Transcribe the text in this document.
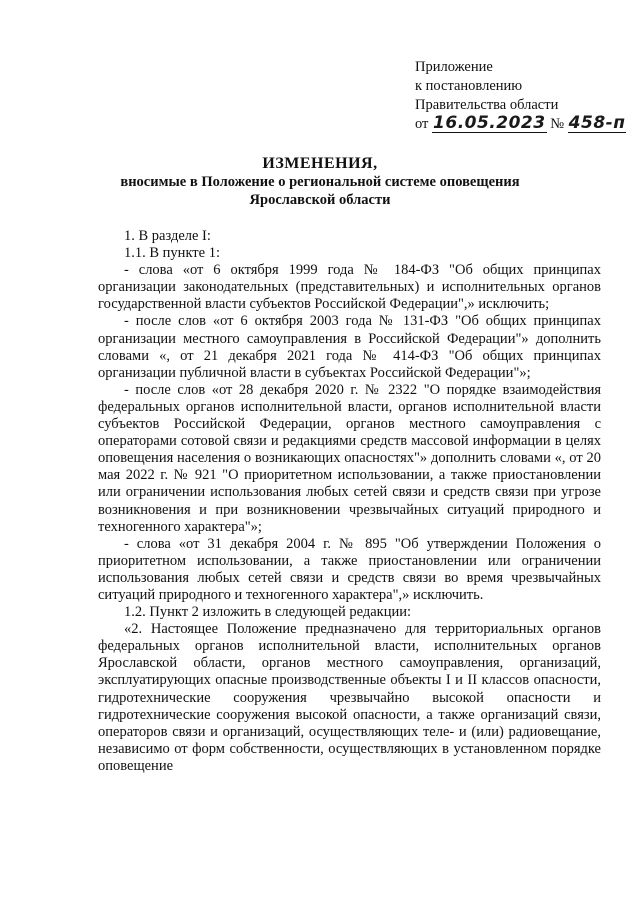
Приложение
к постановлению
Правительства области
от 16.05.2023 № 458-п
ИЗМЕНЕНИЯ,
вносимые в Положение о региональной системе оповещения
Ярославской области

1. В разделе I:

1.1. В пункте 1:

- слова «от 6 октября 1999 года № 184-ФЗ "Об общих принципах организации законодательных (представительных) и исполнительных органов государственной власти субъектов Российской Федерации",» исключить;

- после слов «от 6 октября 2003 года № 131-ФЗ "Об общих принципах организации местного самоуправления в Российской Федерации"» дополнить словами «, от 21 декабря 2021 года № 414-ФЗ "Об общих принципах организации публичной власти в субъектах Российской Федерации"»;

- после слов «от 28 декабря 2020 г. № 2322 "О порядке взаимодействия федеральных органов исполнительной власти, органов исполнительной власти субъектов Российской Федерации, органов местного самоуправления с операторами сотовой связи и редакциями средств массовой информации в целях оповещения населения о возникающих опасностях"» дополнить словами «, от 20 мая 2022 г. № 921 "О приоритетном использовании, а также приостановлении или ограничении использования любых сетей связи и средств связи при угрозе возникновения и при возникновении чрезвычайных ситуаций природного и техногенного характера"»;

- слова «от 31 декабря 2004 г. № 895 "Об утверждении Положения о приоритетном использовании, а также приостановлении или ограничении использования любых сетей связи и средств связи во время чрезвычайных ситуаций природного и техногенного характера",» исключить.

1.2. Пункт 2 изложить в следующей редакции:

«2. Настоящее Положение предназначено для территориальных органов федеральных органов исполнительной власти, исполнительных органов Ярославской области, органов местного самоуправления, организаций, эксплуатирующих опасные производственные объекты I и II классов опасности, гидротехнические сооружения чрезвычайно высокой опасности и гидротехнические сооружения высокой опасности, а также организаций связи, операторов связи и организаций, осуществляющих теле- и (или) радиовещание, независимо от форм собственности, осуществляющих в установленном порядке оповещение
